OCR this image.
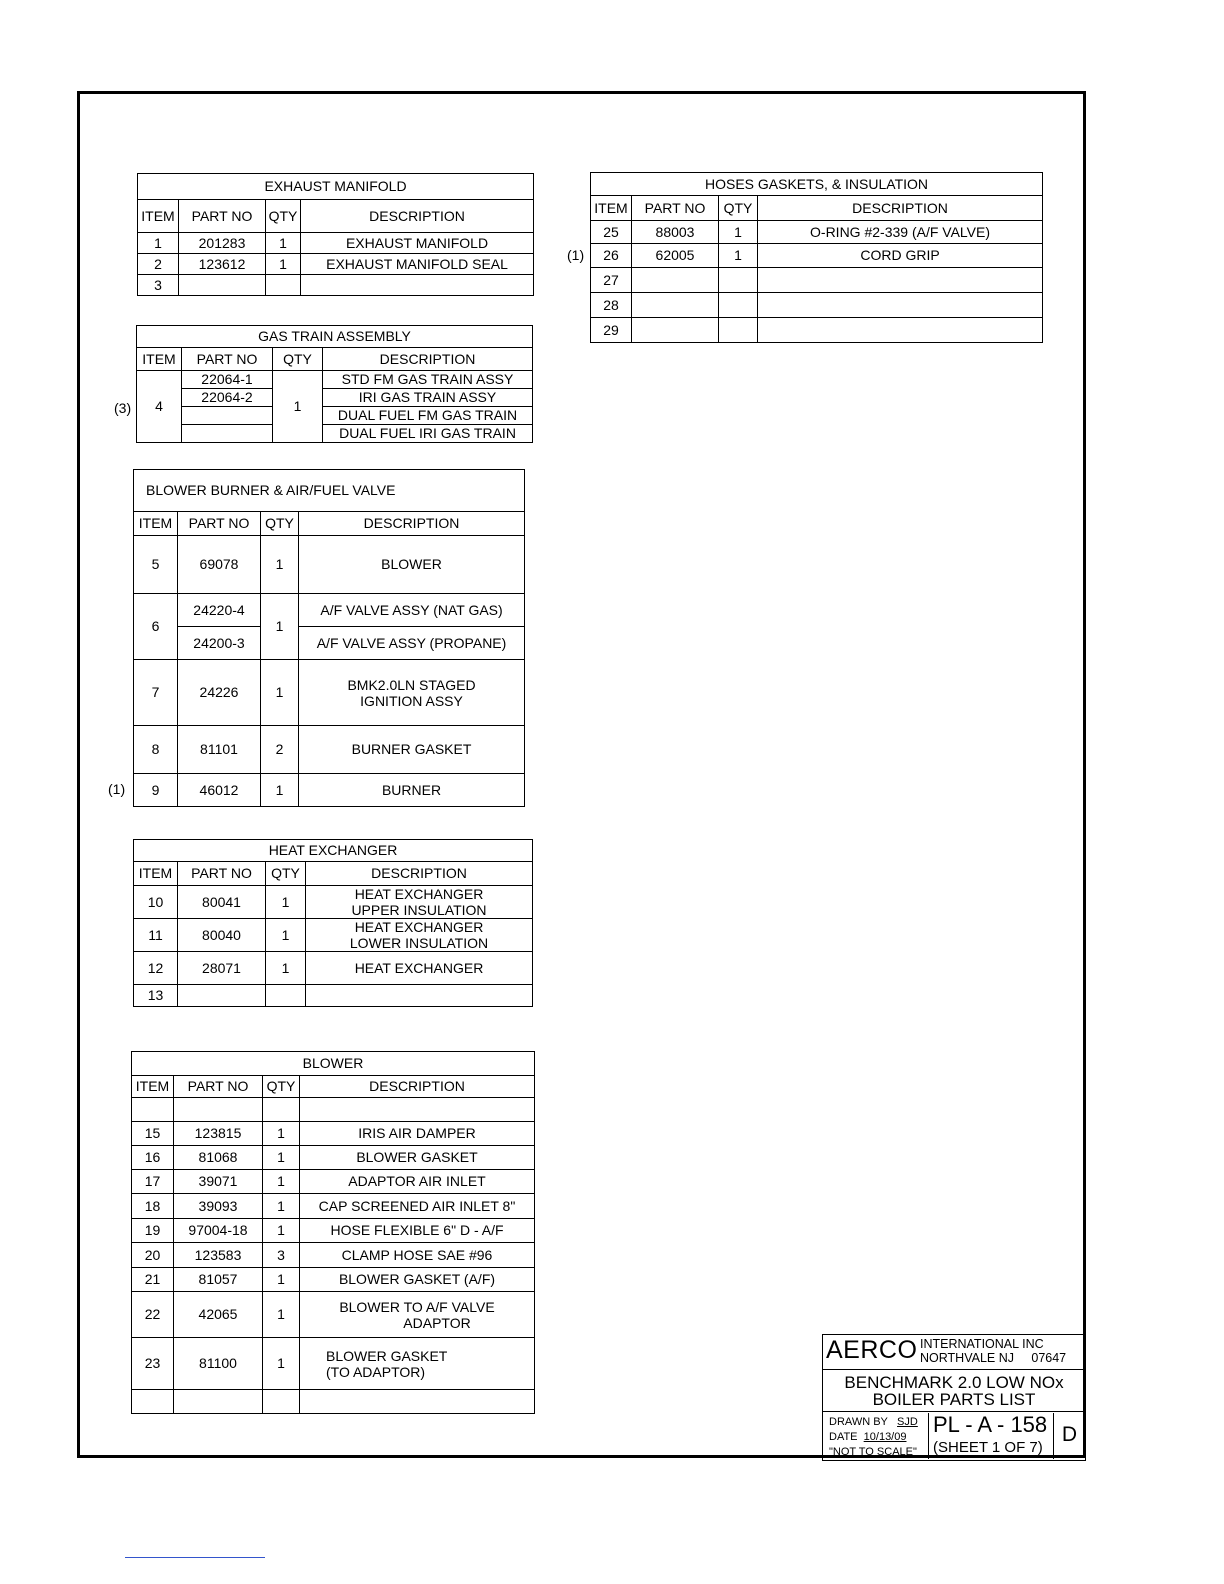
EXHAUST MANIFOLD			
ITEM	PART NO	QTY	DESCRIPTION
1	201283	1	EXHAUST MANIFOLD
2	123612	1	EXHAUST MANIFOLD SEAL
3			
(1)
HOSES GASKETS, & INSULATION			
ITEM	PART NO	QTY	DESCRIPTION
25	88003	1	O-RING #2-339 (A/F VALVE)
26	62005	1	CORD GRIP
27			
28			
29			
(3)
GAS TRAIN ASSEMBLY			
ITEM	PART NO	QTY	DESCRIPTION
4	22064-1	1	STD FM GAS TRAIN ASSY
	22064-2		IRI GAS TRAIN ASSY
			DUAL FUEL FM GAS TRAIN
			DUAL FUEL IRI GAS TRAIN
(1)
BLOWER BURNER & AIR/FUEL VALVE			
ITEM	PART NO	QTY	DESCRIPTION
5	69078	1	BLOWER
6	24220-4	1	A/F VALVE ASSY (NAT GAS)
	24200-3		A/F VALVE ASSY (PROPANE)
7	24226	1	BMK2.0LN STAGED
IGNITION ASSY

8	81101	2	BURNER GASKET
9	46012	1	BURNER
HEAT EXCHANGER			
ITEM	PART NO	QTY	DESCRIPTION
10	80041	1	HEAT EXCHANGER
UPPER INSULATION

11	80040	1	HEAT EXCHANGER
LOWER INSULATION

12	28071	1	HEAT EXCHANGER
13			
BLOWER			
ITEM	PART NO	QTY	DESCRIPTION

15	123815	1	IRIS AIR DAMPER
16	81068	1	BLOWER GASKET
17	39071	1	ADAPTOR AIR INLET
18	39093	1	CAP SCREENED AIR INLET 8"
19	97004-18	1	HOSE FLEXIBLE 6" D - A/F
20	123583	3	CLAMP HOSE SAE #96
21	81057	1	BLOWER GASKET (A/F)
22	42065	1	BLOWER TO A/F VALVE
ADAPTOR

23	81100	1	BLOWER GASKET
(TO ADAPTOR)

AERCO INTERNATIONAL INC
NORTHVALE NJ     07647
BENCHMARK 2.0 LOW NOx
BOILER PARTS LIST
DRAWN BY SJD
DATE 10/13/09
"NOT TO SCALE"
PL - A - 158
(SHEET 1 OF 7)
D
